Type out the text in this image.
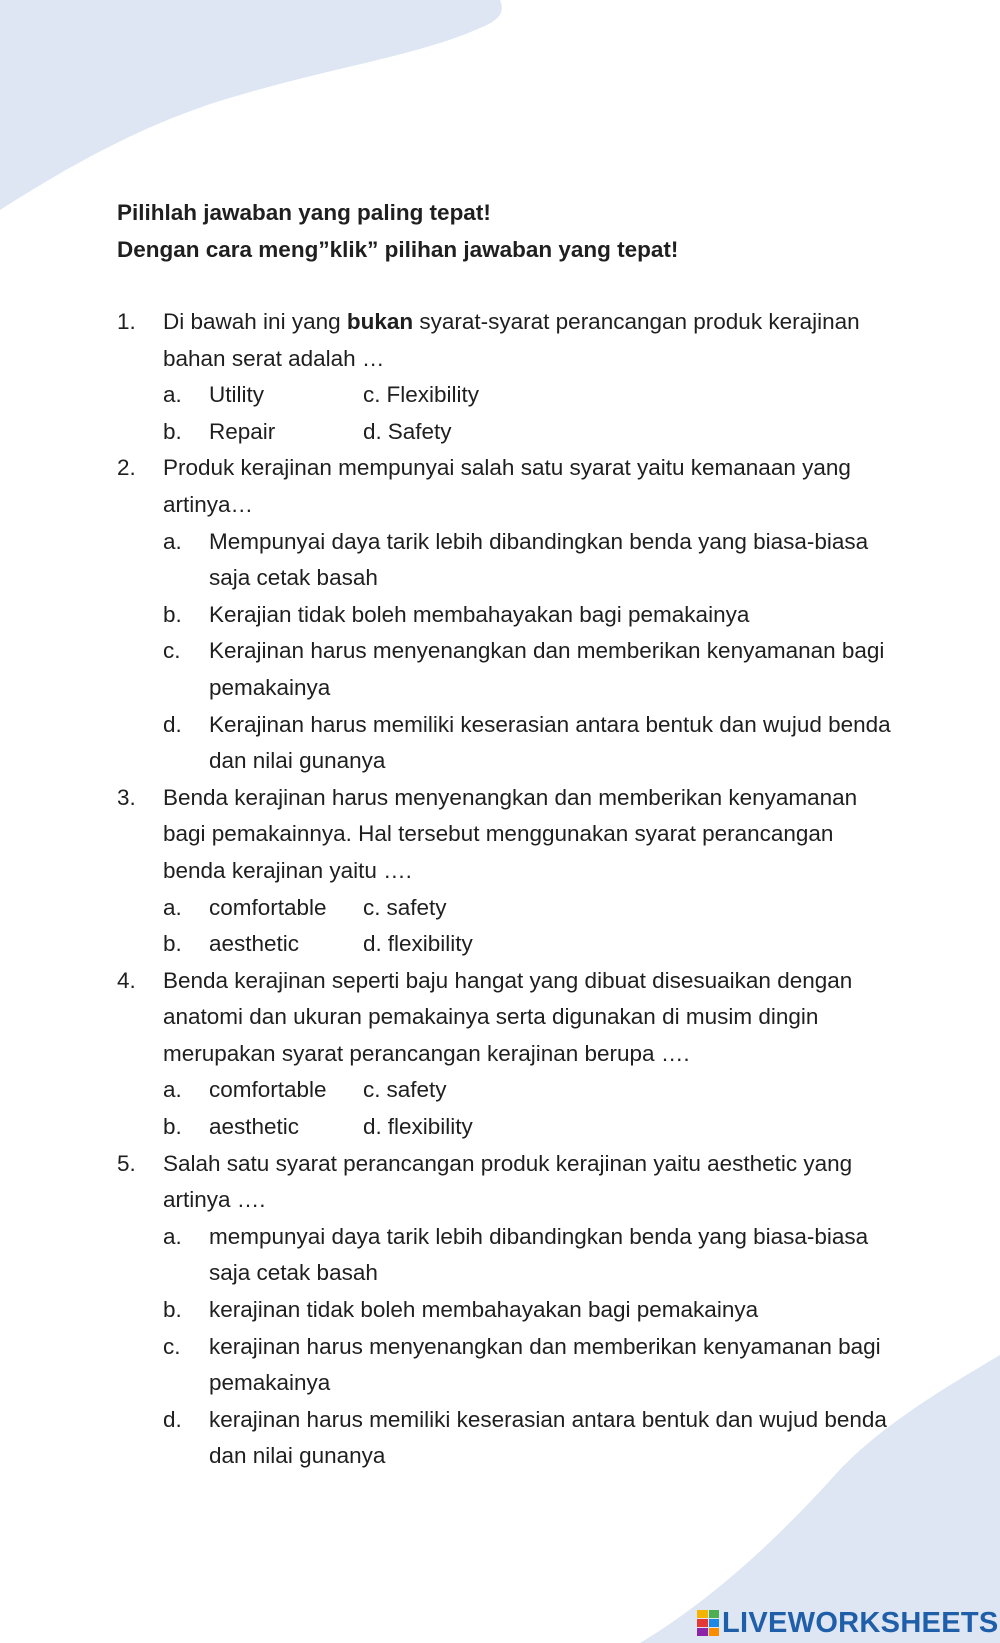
Pilihlah jawaban yang paling tepat!
Dengan cara meng”klik” pilihan jawaban yang tepat!
1.	Di bawah ini yang bukan syarat-syarat perancangan produk kerajinan bahan serat adalah …
a.	Utility	c. Flexibility
b.	Repair	d. Safety
2.	Produk kerajinan mempunyai salah satu syarat yaitu kemanaan yang artinya…
a.	Mempunyai daya tarik lebih dibandingkan benda yang biasa-biasa saja cetak basah
b.	Kerajian tidak boleh membahayakan bagi pemakainya
c.	Kerajinan harus menyenangkan dan memberikan kenyamanan bagi pemakainya
d.	Kerajinan harus memiliki keserasian antara bentuk dan wujud benda dan nilai gunanya
3.	Benda kerajinan harus menyenangkan dan memberikan kenyamanan bagi pemakainnya. Hal tersebut menggunakan syarat perancangan benda kerajinan yaitu ….
a.	comfortable	c. safety
b.	aesthetic	d. flexibility
4.	Benda kerajinan seperti baju hangat yang dibuat disesuaikan dengan anatomi dan ukuran pemakainya serta digunakan di musim dingin merupakan syarat perancangan kerajinan berupa ….
a.	comfortable	c. safety
b.	aesthetic	d. flexibility
5.	Salah satu syarat perancangan produk kerajinan yaitu aesthetic yang artinya ….
a.	mempunyai daya tarik lebih dibandingkan benda yang biasa-biasa saja cetak basah
b.	kerajinan tidak boleh membahayakan bagi pemakainya
c.	kerajinan harus menyenangkan dan memberikan kenyamanan bagi pemakainya
d.	kerajinan harus memiliki keserasian antara bentuk dan wujud benda dan nilai gunanya
LIVEWORKSHEETS
